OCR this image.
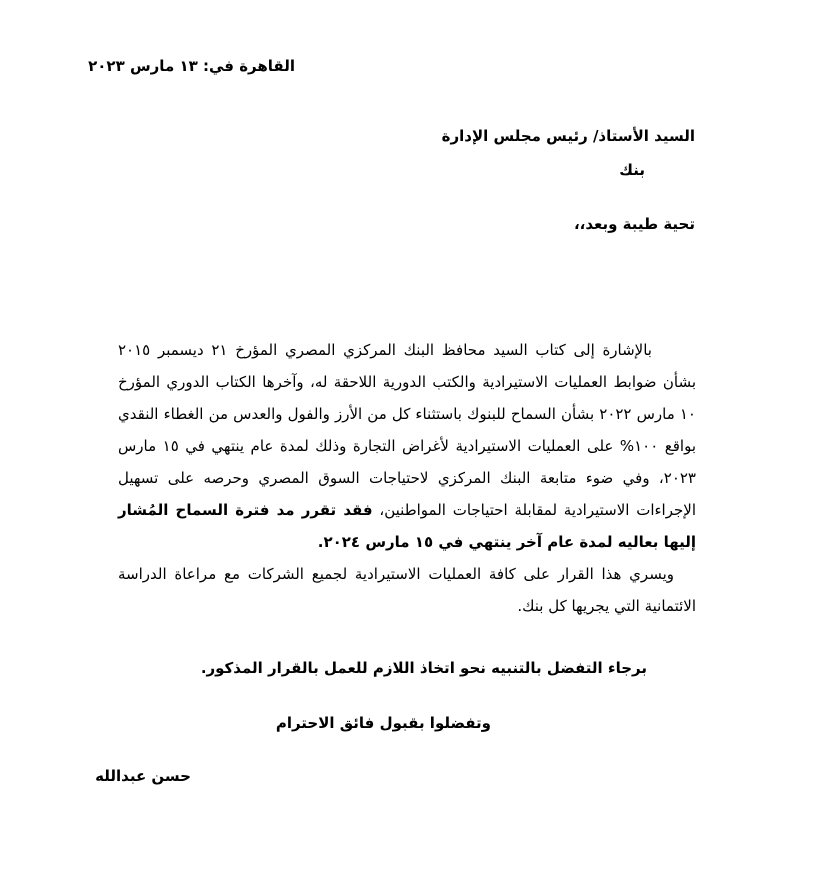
القاهرة في: ١٣ مارس ٢٠٢٣
السيد الأستاذ/ رئيس مجلس الإدارة
بنك
تحية طيبة وبعد،،

بالإشارة إلى كتاب السيد محافظ البنك المركزي المصري المؤرخ ٢١ ديسمبر ٢٠١٥ بشأن ضوابط العمليات الاستيرادية والكتب الدورية اللاحقة له، وآخرها الكتاب الدوري المؤرخ ١٠ مارس ٢٠٢٢ بشأن السماح للبنوك باستثناء كل من الأرز والفول والعدس من الغطاء النقدي بواقع ١٠٠% على العمليات الاستيرادية لأغراض التجارة وذلك لمدة عام ينتهي في ١٥ مارس ٢٠٢٣، وفي ضوء متابعة البنك المركزي لاحتياجات السوق المصري وحرصه على تسهيل الإجراءات الاستيرادية لمقابلة احتياجات المواطنين، فقد تقرر مد فترة السماح المُشار إليها بعاليه لمدة عام آخر ينتهي في ١٥ مارس ٢٠٢٤.

ويسري هذا القرار على كافة العمليات الاستيرادية لجميع الشركات مع مراعاة الدراسة الائتمانية التي يجريها كل بنك.

برجاء التفضل بالتنبيه نحو اتخاذ اللازم للعمل بالقرار المذكور.
وتفضلوا بقبول فائق الاحترام
حسن عبدالله
